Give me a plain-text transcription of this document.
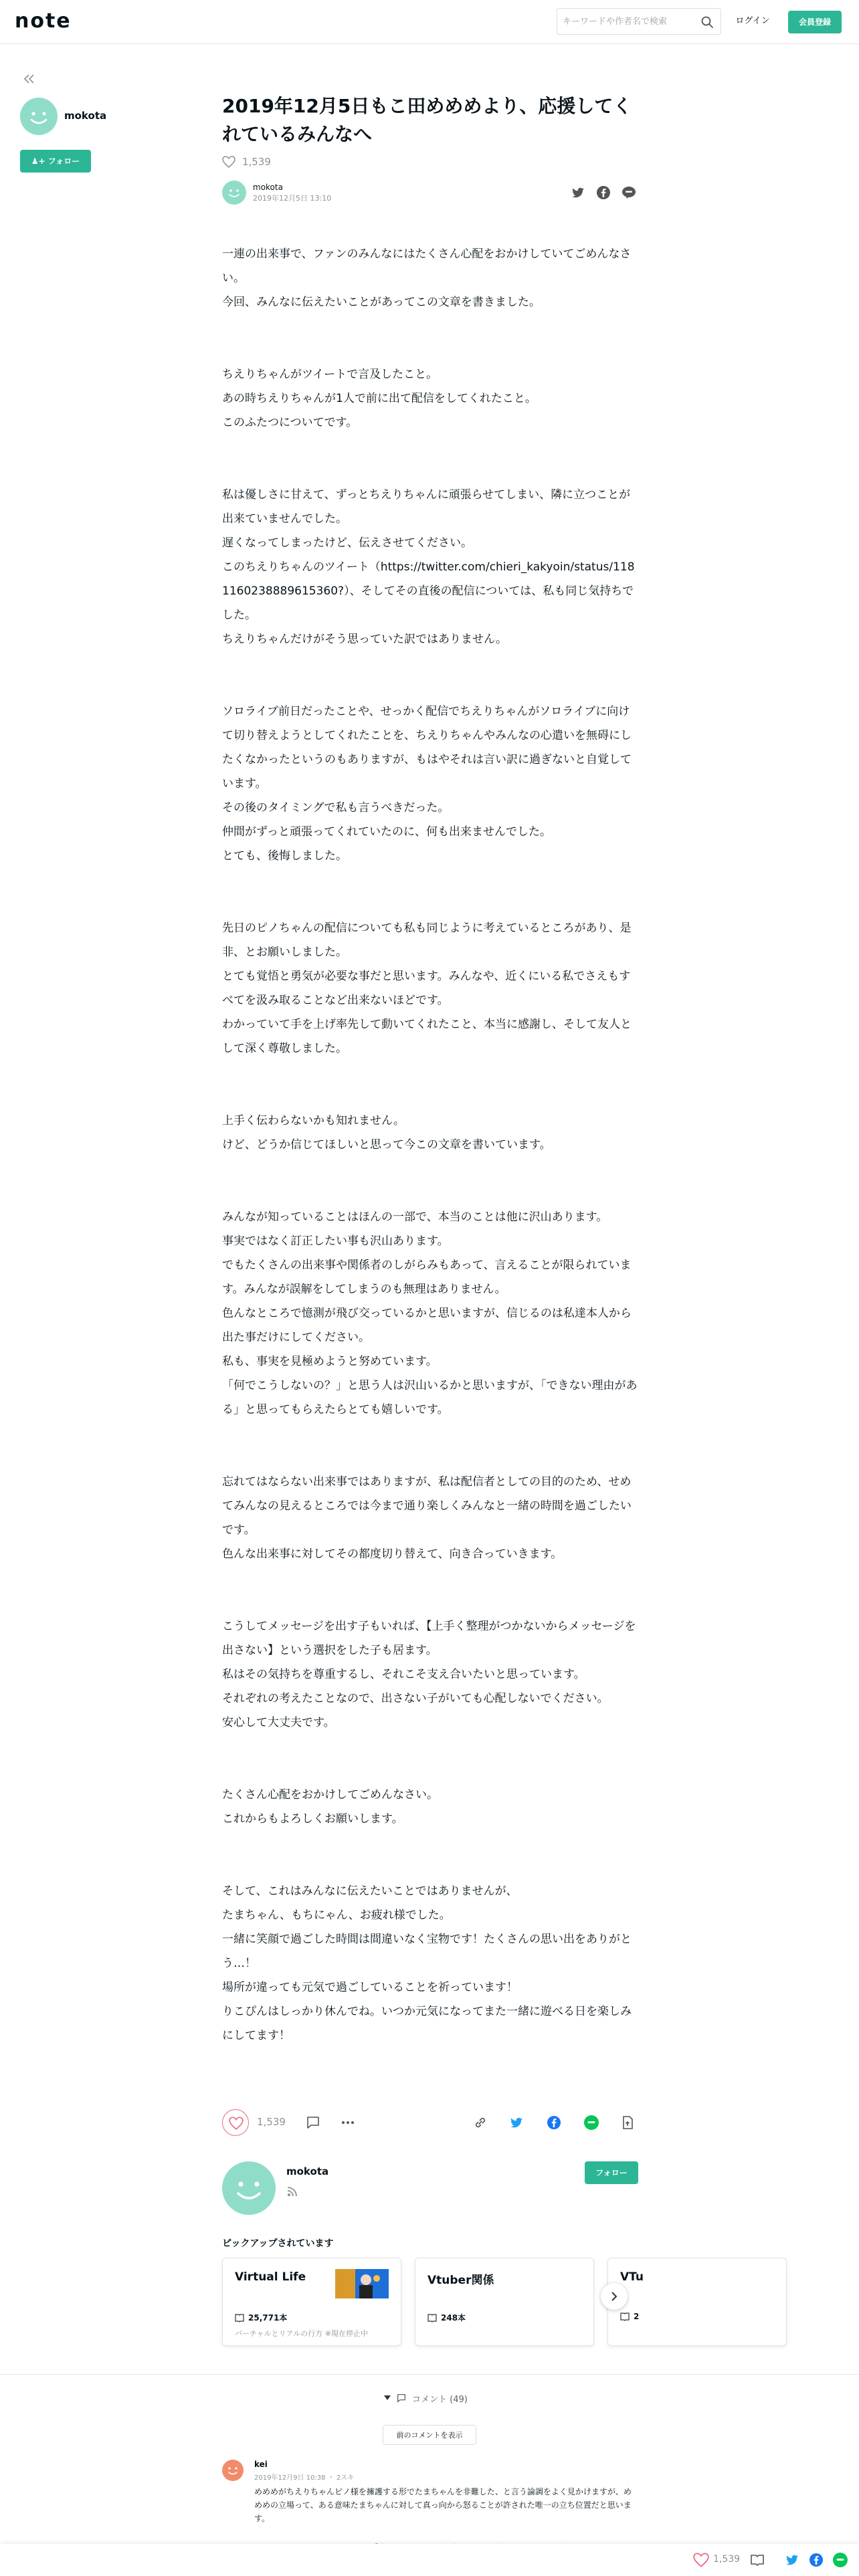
note
キーワードや作者名で検索	ログイン	会員登録
mokota
♟+ フォロー
2019年12月5日もこ田めめめより、応援してくれているみんなへ
1,539
mokota
2019年12月5日 13:10

一連の出来事で、ファンのみんなにはたくさん心配をおかけしていてごめんなさい。
今回、みんなに伝えたいことがあってこの文章を書きました。

ちえりちゃんがツイートで言及したこと。
あの時ちえりちゃんが1人で前に出て配信をしてくれたこと。
このふたつについてです。

私は優しさに甘えて、ずっとちえりちゃんに頑張らせてしまい、隣に立つことが出来ていませんでした。
遅くなってしまったけど、伝えさせてください。
このちえりちゃんのツイート（https://twitter.com/chieri_kakyoin/status/1181160238889615360?）、そしてその直後の配信については、私も同じ気持ちでした。
ちえりちゃんだけがそう思っていた訳ではありません。

ソロライブ前日だったことや、せっかく配信でちえりちゃんがソロライブに向けて切り替えようとしてくれたことを、ちえりちゃんやみんなの心遣いを無碍にしたくなかったというのもありますが、もはやそれは言い訳に過ぎないと自覚しています。
その後のタイミングで私も言うべきだった。
仲間がずっと頑張ってくれていたのに、何も出来ませんでした。
とても、後悔しました。

先日のピノちゃんの配信についても私も同じように考えているところがあり、是非、とお願いしました。
とても覚悟と勇気が必要な事だと思います。みんなや、近くにいる私でさえもすべてを汲み取ることなど出来ないほどです。
わかっていて手を上げ率先して動いてくれたこと、本当に感謝し、そして友人として深く尊敬しました。

上手く伝わらないかも知れません。
けど、どうか信じてほしいと思って今この文章を書いています。

みんなが知っていることはほんの一部で、本当のことは他に沢山あります。
事実ではなく訂正したい事も沢山あります。
でもたくさんの出来事や関係者のしがらみもあって、言えることが限られています。みんなが誤解をしてしまうのも無理はありません。
色んなところで憶測が飛び交っているかと思いますが、信じるのは私達本人から出た事だけにしてください。
私も、事実を見極めようと努めています。
「何でこうしないの？」と思う人は沢山いるかと思いますが、「できない理由がある」と思ってもらえたらとても嬉しいです。

忘れてはならない出来事ではありますが、私は配信者としての目的のため、せめてみんなの見えるところでは今まで通り楽しくみんなと一緒の時間を過ごしたいです。
色んな出来事に対してその都度切り替えて、向き合っていきます。

こうしてメッセージを出す子もいれば、【上手く整理がつかないからメッセージを出さない】という選択をした子も居ます。
私はその気持ちを尊重するし、それこそ支え合いたいと思っています。
それぞれの考えたことなので、出さない子がいても心配しないでください。
安心して大丈夫です。

たくさん心配をおかけしてごめんなさい。
これからもよろしくお願いします。

そして、これはみんなに伝えたいことではありませんが、
たまちゃん、もちにゃん、お疲れ様でした。
一緒に笑顔で過ごした時間は間違いなく宝物です！たくさんの思い出をありがとう…！
場所が違っても元気で過ごしていることを祈っています！
りこぴんはしっかり休んでね。いつか元気になってまた一緒に遊べる日を楽しみにしてます！

1,539
mokota	フォロー
ピックアップされています
Virtual Life
25,771本
バーチャルとリアルの行方 ※現在停止中
Vtuber関係
248本
VTu
2
コメント (49)
前のコメントを表示
kei
2019年12月9日 10:38 ・ 2スキ
めめめがちえりちゃんピノ様を擁護する形でたまちゃんを非難した、と言う論調をよく見かけますが、めめめの立場って、ある意味たまちゃんに対して真っ向から怒ることが許された唯一の立ち位置だと思います。
1,539
